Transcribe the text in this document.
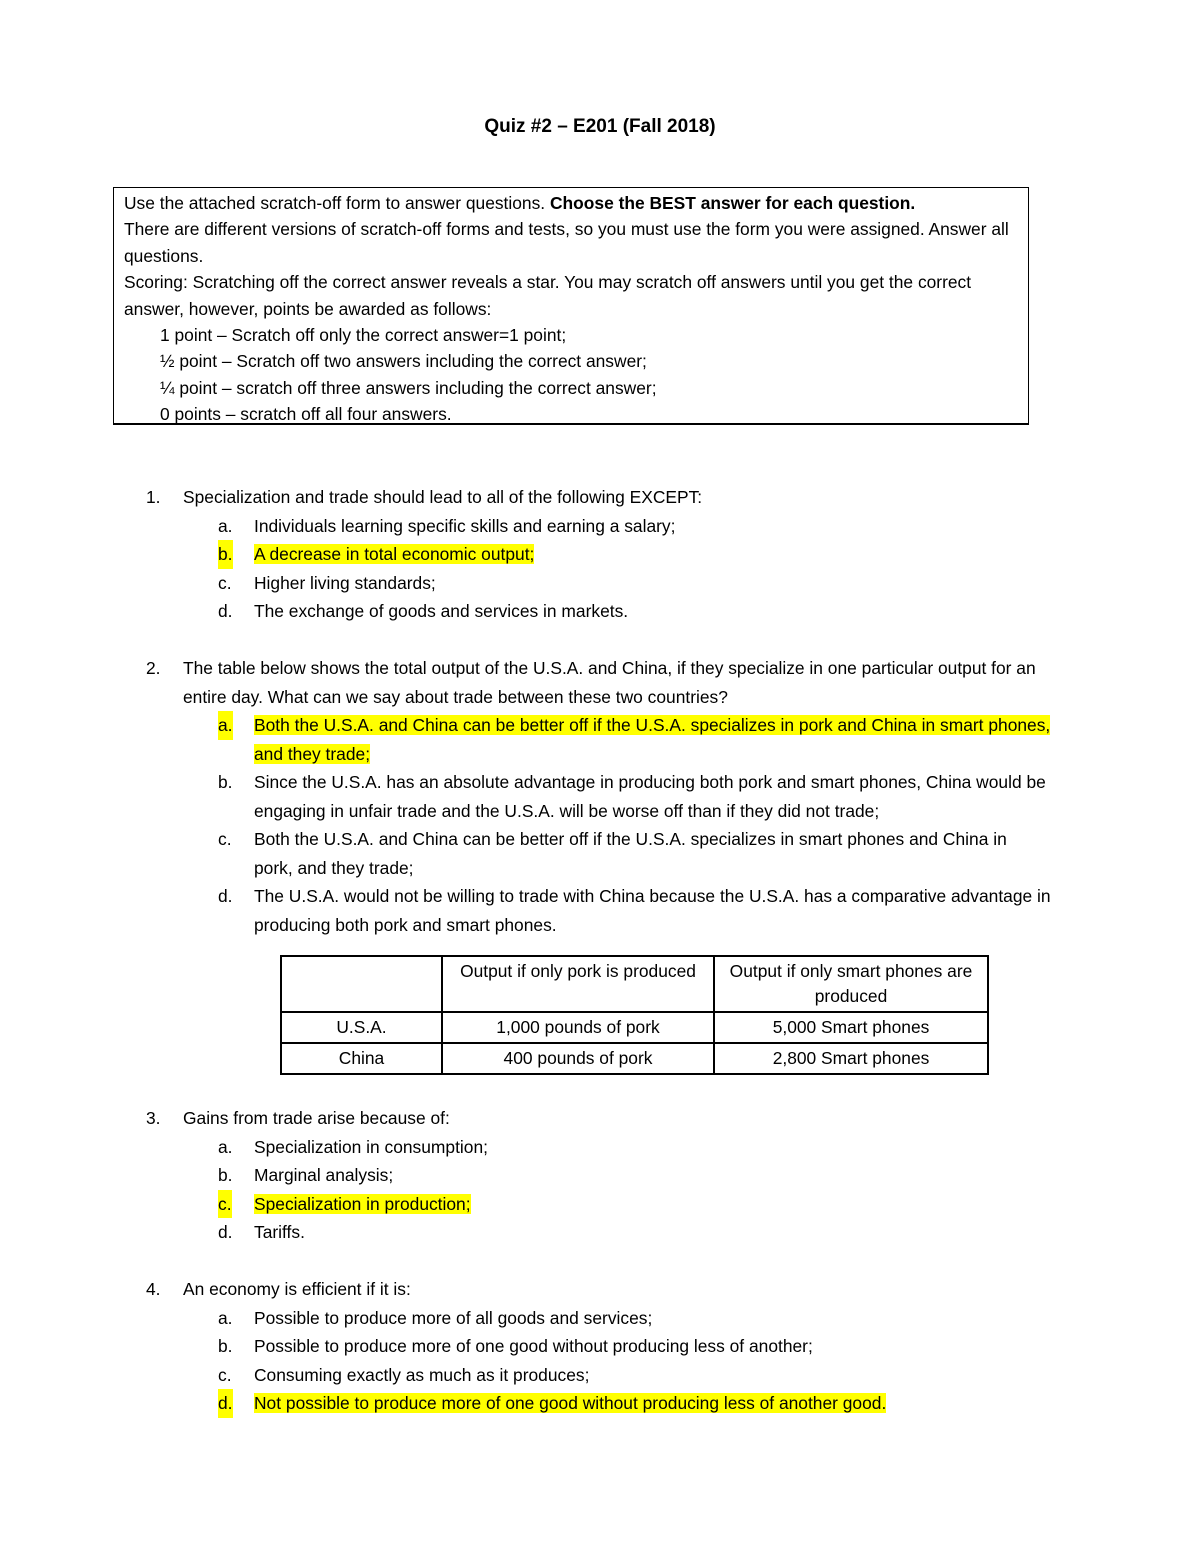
Quiz #2 – E201 (Fall 2018)
Use the attached scratch-off form to answer questions. Choose the BEST answer for each question.
There are different versions of scratch-off forms and tests, so you must use the form you were assigned. Answer all questions.
Scoring: Scratching off the correct answer reveals a star. You may scratch off answers until you get the correct answer, however, points be awarded as follows:
1 point – Scratch off only the correct answer=1 point;
½ point – Scratch off two answers including the correct answer;
¼ point – scratch off three answers including the correct answer;
0 points – scratch off all four answers.
1. Specialization and trade should lead to all of the following EXCEPT:
a. Individuals learning specific skills and earning a salary;
b. A decrease in total economic output;
c. Higher living standards;
d. The exchange of goods and services in markets.
2. The table below shows the total output of the U.S.A. and China, if they specialize in one particular output for an entire day. What can we say about trade between these two countries?
a. Both the U.S.A. and China can be better off if the U.S.A. specializes in pork and China in smart phones, and they trade;
b. Since the U.S.A. has an absolute advantage in producing both pork and smart phones, China would be engaging in unfair trade and the U.S.A. will be worse off than if they did not trade;
c. Both the U.S.A. and China can be better off if the U.S.A. specializes in smart phones and China in pork, and they trade;
d. The U.S.A. would not be willing to trade with China because the U.S.A. has a comparative advantage in producing both pork and smart phones.
	Output if only pork is produced	Output if only smart phones are produced
U.S.A.	1,000 pounds of pork	5,000 Smart phones
China	400 pounds of pork	2,800 Smart phones
3. Gains from trade arise because of:
a. Specialization in consumption;
b. Marginal analysis;
c. Specialization in production;
d. Tariffs.
4. An economy is efficient if it is:
a. Possible to produce more of all goods and services;
b. Possible to produce more of one good without producing less of another;
c. Consuming exactly as much as it produces;
d. Not possible to produce more of one good without producing less of another good.
